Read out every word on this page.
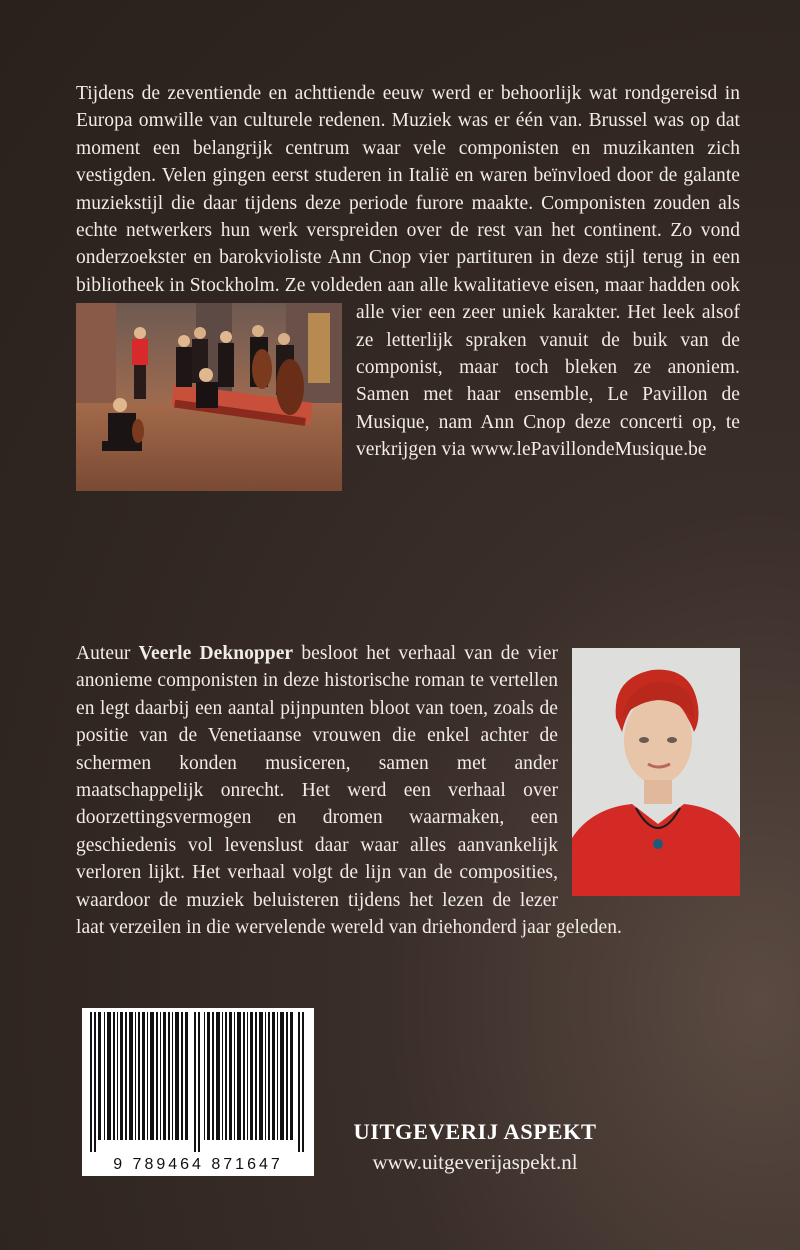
Tijdens de zeventiende en achttiende eeuw werd er behoorlijk wat rondgereisd in Europa omwille van culturele redenen. Muziek was er één van. Brussel was op dat moment een belangrijk centrum waar vele componisten en muzikanten zich vestigden. Velen gingen eerst studeren in Italië en waren beïnvloed door de galante muziekstijl die daar tijdens deze periode furore maakte. Componisten zouden als echte netwerkers hun werk verspreiden over de rest van het continent. Zo vond onderzoekster en barokvioliste Ann Cnop vier partituren in deze stijl terug in een bibliotheek in Stockholm. Ze voldeden aan alle kwalitatieve eisen, maar hadden ook alle vier een zeer uniek karakter. Het leek alsof ze letterlijk spraken vanuit de buik van de componist, maar toch bleken ze anoniem. Samen met haar ensemble, Le Pavillon de Musique, nam Ann Cnop deze concerti op, te verkrijgen via www.lePavillondeMusique.be

Auteur Veerle Deknopper
besloot het verhaal van de vier anonieme componisten in deze historische roman te vertellen en legt daarbij een aantal pijnpunten bloot van toen, zoals de positie van de Venetiaanse vrouwen die enkel achter de schermen konden musiceren, samen met ander maatschappelijk onrecht. Het werd een verhaal over doorzettingsvermogen en dromen waarmaken, een geschiedenis vol levenslust daar waar alles aanvankelijk verloren lijkt. Het verhaal volgt de lijn van de composities, waardoor de muziek beluisteren tijdens het lezen de lezer laat verzeilen in die wervelende wereld van driehonderd jaar geleden.

9 789464 871647
UITGEVERIJ ASPEKT
www.uitgeverijaspekt.nl
